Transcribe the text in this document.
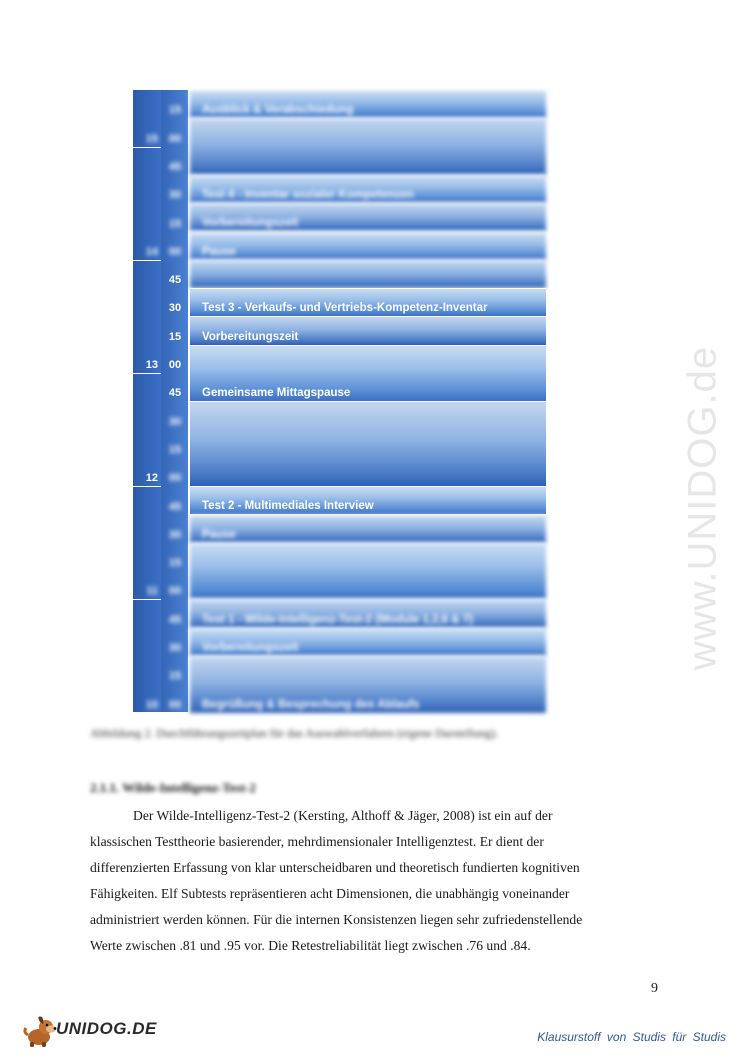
15
14
13
12
11
10
15
00
45
30
15
00
45
30
15
00
45
30
15
00
45
30
15
00
45
30
15
00
Ausblick & Verabschiedung
Test 4 - Inventar sozialer Kompetenzen
Vorbereitungszeit
Pause
Test 3 - Verkaufs- und Vertriebs-Kompetenz-Inventar
Vorbereitungszeit
Gemeinsame Mittagspause
Test 2 - Multimediales Interview
Pause
Test 1 - Wilde-Intelligenz-Test-2 (Module 1,2,6 & 7)
Vorbereitungszeit
Begrüßung & Besprechung des Ablaufs
Abbildung 2. Durchführungszeitplan für das Auswahlverfahren (eigene Darstellung).
2.1.1. Wilde-Intelligenz-Test-2

Der Wilde-Intelligenz-Test-2 (Kersting, Althoff & Jäger, 2008) ist ein auf der
klassischen Testtheorie basierender, mehrdimensionaler Intelligenztest. Er dient der
differenzierten Erfassung von klar unterscheidbaren und theoretisch fundierten kognitiven
Fähigkeiten. Elf Subtests repräsentieren acht Dimensionen, die unabhängig voneinander
administriert werden können. Für die internen Konsistenzen liegen sehr zufriedenstellende
Werte zwischen .81 und .95 vor. Die Retestreliabilität liegt zwischen .76 und .84.

9
www.UNIDOG.de
UNIDOG.DE	Klausurstoff von Studis für Studis
